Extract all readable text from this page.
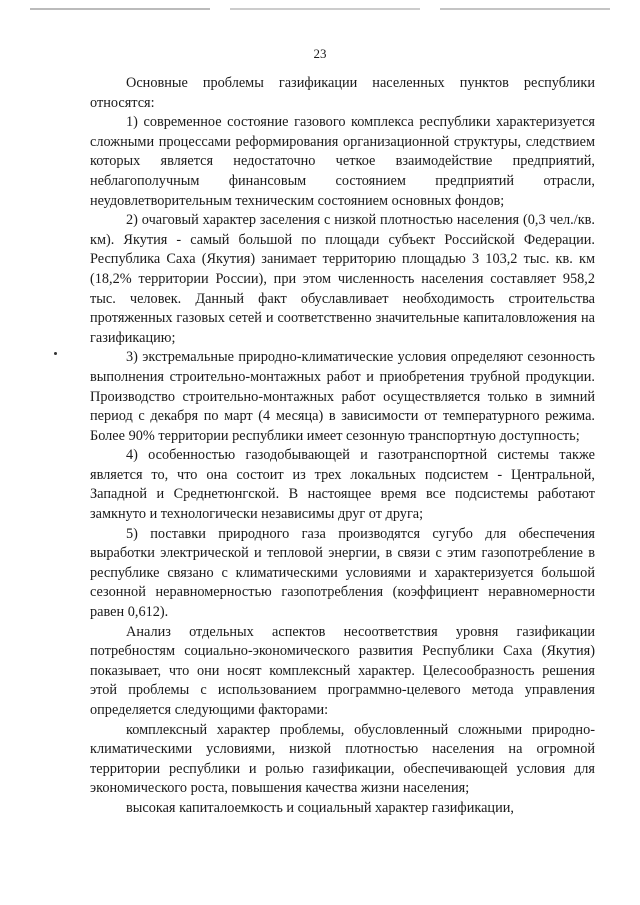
23

Основные проблемы газификации населенных пунктов республики относятся:

1) современное состояние газового комплекса республики характеризуется сложными процессами реформирования организационной структуры, следствием которых является недостаточно четкое взаимодействие предприятий, неблагополучным финансовым состоянием предприятий отрасли, неудовлетворительным техническим состоянием основных фондов;

2) очаговый характер заселения с низкой плотностью населения (0,3 чел./кв. км). Якутия - самый большой по площади субъект Российской Федерации. Республика Саха (Якутия) занимает территорию площадью 3 103,2 тыс. кв. км (18,2% территории России), при этом численность населения составляет 958,2 тыс. человек. Данный факт обуславливает необходимость строительства протяженных газовых сетей и соответственно значительные капиталовложения на газификацию;

3) экстремальные природно-климатические условия определяют сезонность выполнения строительно-монтажных работ и приобретения трубной продукции. Производство строительно-монтажных работ осуществляется только в зимний период с декабря по март (4 месяца) в зависимости от температурного режима. Более 90% территории республики имеет сезонную транспортную доступность;

4) особенностью газодобывающей и газотранспортной системы также является то, что она состоит из трех локальных подсистем - Центральной, Западной и Среднетюнгской. В настоящее время все подсистемы работают замкнуто и технологически независимы друг от друга;

5) поставки природного газа производятся сугубо для обеспечения выработки электрической и тепловой энергии, в связи с этим газопотребление в республике связано с климатическими условиями и характеризуется большой сезонной неравномерностью газопотребления (коэффициент неравномерности равен 0,612).

Анализ отдельных аспектов несоответствия уровня газификации потребностям социально-экономического развития Республики Саха (Якутия) показывает, что они носят комплексный характер. Целесообразность решения этой проблемы с использованием программно-целевого метода управления определяется следующими факторами:

комплексный характер проблемы, обусловленный сложными природно-климатическими условиями, низкой плотностью населения на огромной территории республики и ролью газификации, обеспечивающей условия для экономического роста, повышения качества жизни населения;

высокая капиталоемкость и социальный характер газификации,
